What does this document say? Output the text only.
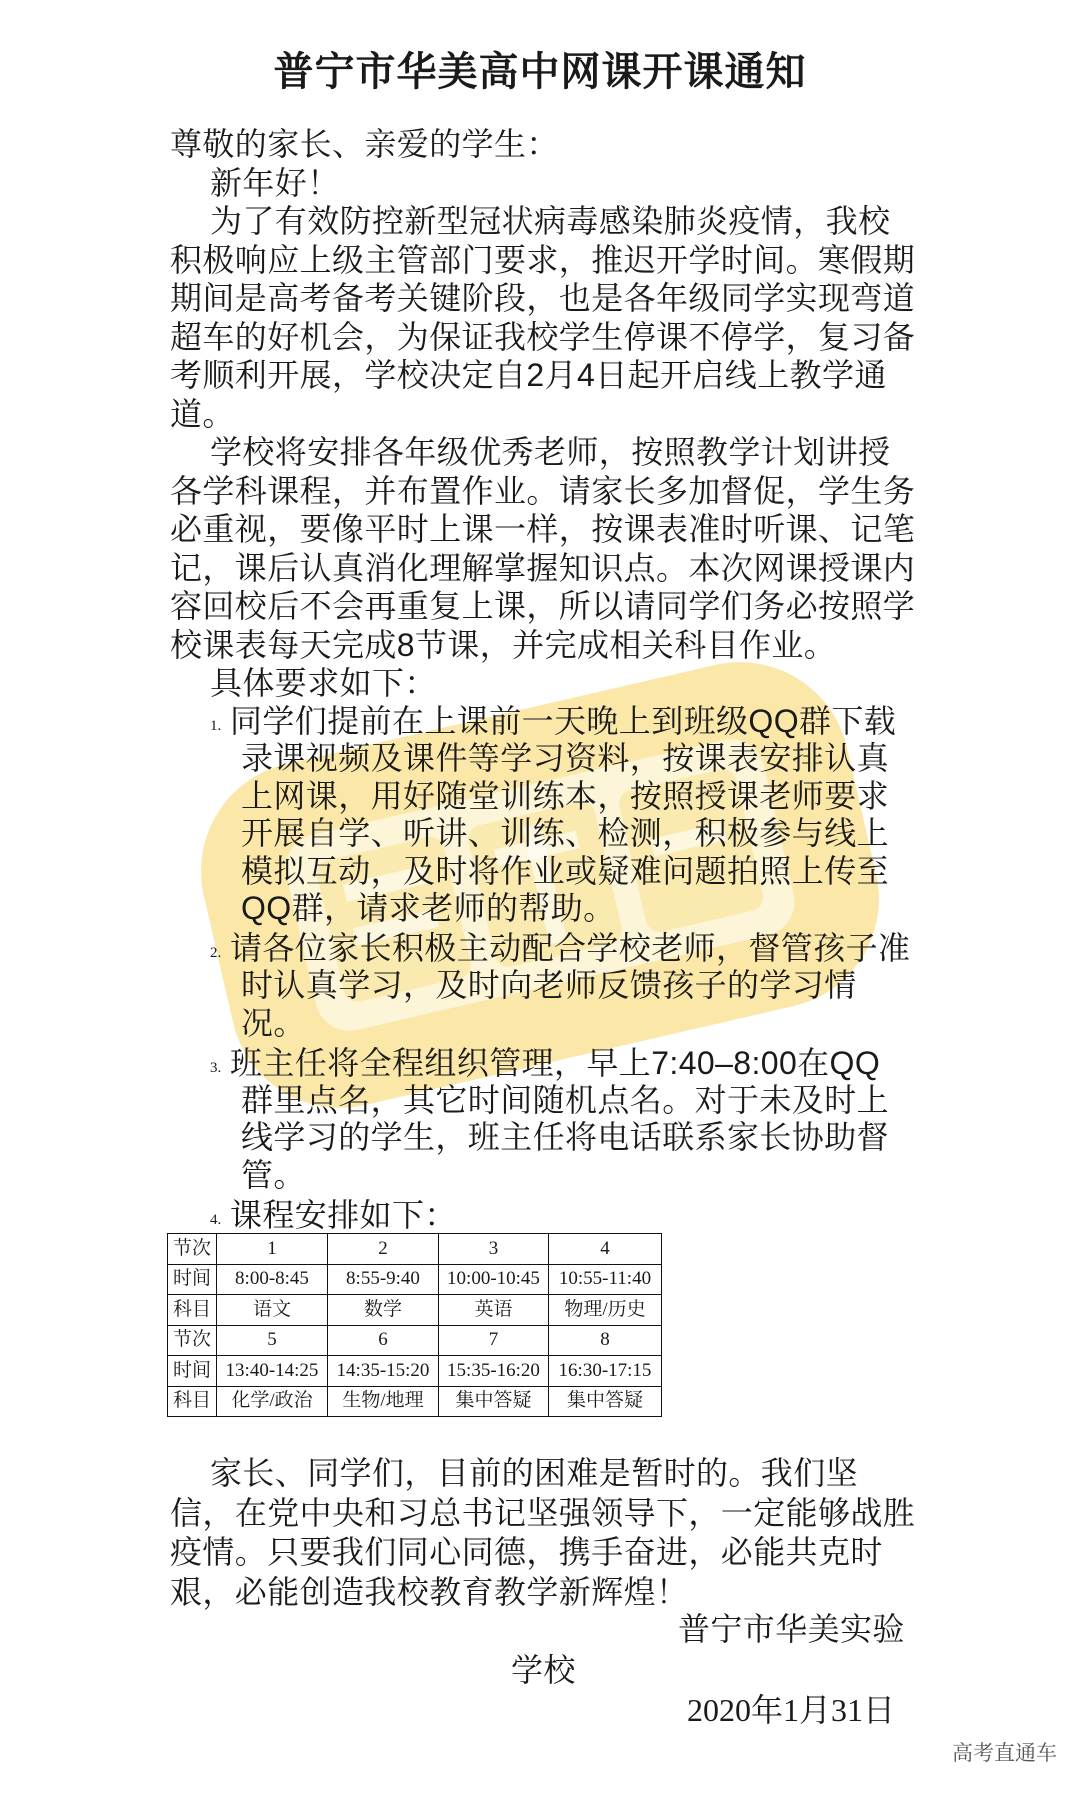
普宁市华美高中网课开课通知
尊敬的家长、亲爱的学生：
新年好！
为了有效防控新型冠状病毒感染肺炎疫情，我校
积极响应上级主管部门要求，推迟开学时间。寒假期
期间是高考备考关键阶段，也是各年级同学实现弯道
超车的好机会，为保证我校学生停课不停学，复习备
考顺利开展，学校决定自2月4日起开启线上教学通
道。
学校将安排各年级优秀老师，按照教学计划讲授
各学科课程，并布置作业。请家长多加督促，学生务
必重视，要像平时上课一样，按课表准时听课、记笔
记，课后认真消化理解掌握知识点。本次网课授课内
容回校后不会再重复上课，所以请同学们务必按照学
校课表每天完成8节课，并完成相关科目作业。
具体要求如下：
1. 同学们提前在上课前一天晚上到班级QQ群下载
录课视频及课件等学习资料，按课表安排认真
上网课，用好随堂训练本，按照授课老师要求
开展自学、听讲、训练、检测，积极参与线上
模拟互动，及时将作业或疑难问题拍照上传至
QQ群，请求老师的帮助。
2. 请各位家长积极主动配合学校老师，督管孩子准
时认真学习，及时向老师反馈孩子的学习情
况。
3. 班主任将全程组织管理，早上7:40–8:00在QQ
群里点名，其它时间随机点名。对于未及时上
线学习的学生，班主任将电话联系家长协助督
管。
4. 课程安排如下：
节次	1	2	3	4
时间	8:00-8:45	8:55-9:40	10:00-10:45	10:55-11:40
科目	语文	数学	英语	物理/历史
节次	5	6	7	8
时间	13:40-14:25	14:35-15:20	15:35-16:20	16:30-17:15
科目	化学/政治	生物/地理	集中答疑	集中答疑
家长、同学们，目前的困难是暂时的。我们坚
信，在党中央和习总书记坚强领导下，一定能够战胜
疫情。只要我们同心同德，携手奋进，必能共克时
艰，必能创造我校教育教学新辉煌！
普宁市华美实验
学校
2020年1月31日
高考直通车
